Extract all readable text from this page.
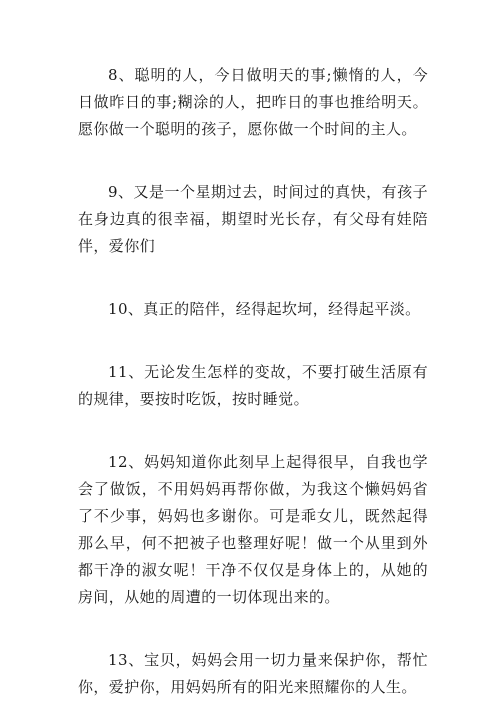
8、聪明的人，今日做明天的事;懒惰的人，今日做昨日的事;糊涂的人，把昨日的事也推给明天。愿你做一个聪明的孩子，愿你做一个时间的主人。

9、又是一个星期过去，时间过的真快，有孩子在身边真的很幸福，期望时光长存，有父母有娃陪伴，爱你们

10、真正的陪伴，经得起坎坷，经得起平淡。

11、无论发生怎样的变故，不要打破生活原有的规律，要按时吃饭，按时睡觉。

12、妈妈知道你此刻早上起得很早，自我也学会了做饭，不用妈妈再帮你做，为我这个懒妈妈省了不少事，妈妈也多谢你。可是乖女儿，既然起得那么早，何不把被子也整理好呢！做一个从里到外都干净的淑女呢！干净不仅仅是身体上的，从她的房间，从她的周遭的一切体现出来的。

13、宝贝，妈妈会用一切力量来保护你，帮忙你，爱护你，用妈妈所有的阳光来照耀你的人生。
